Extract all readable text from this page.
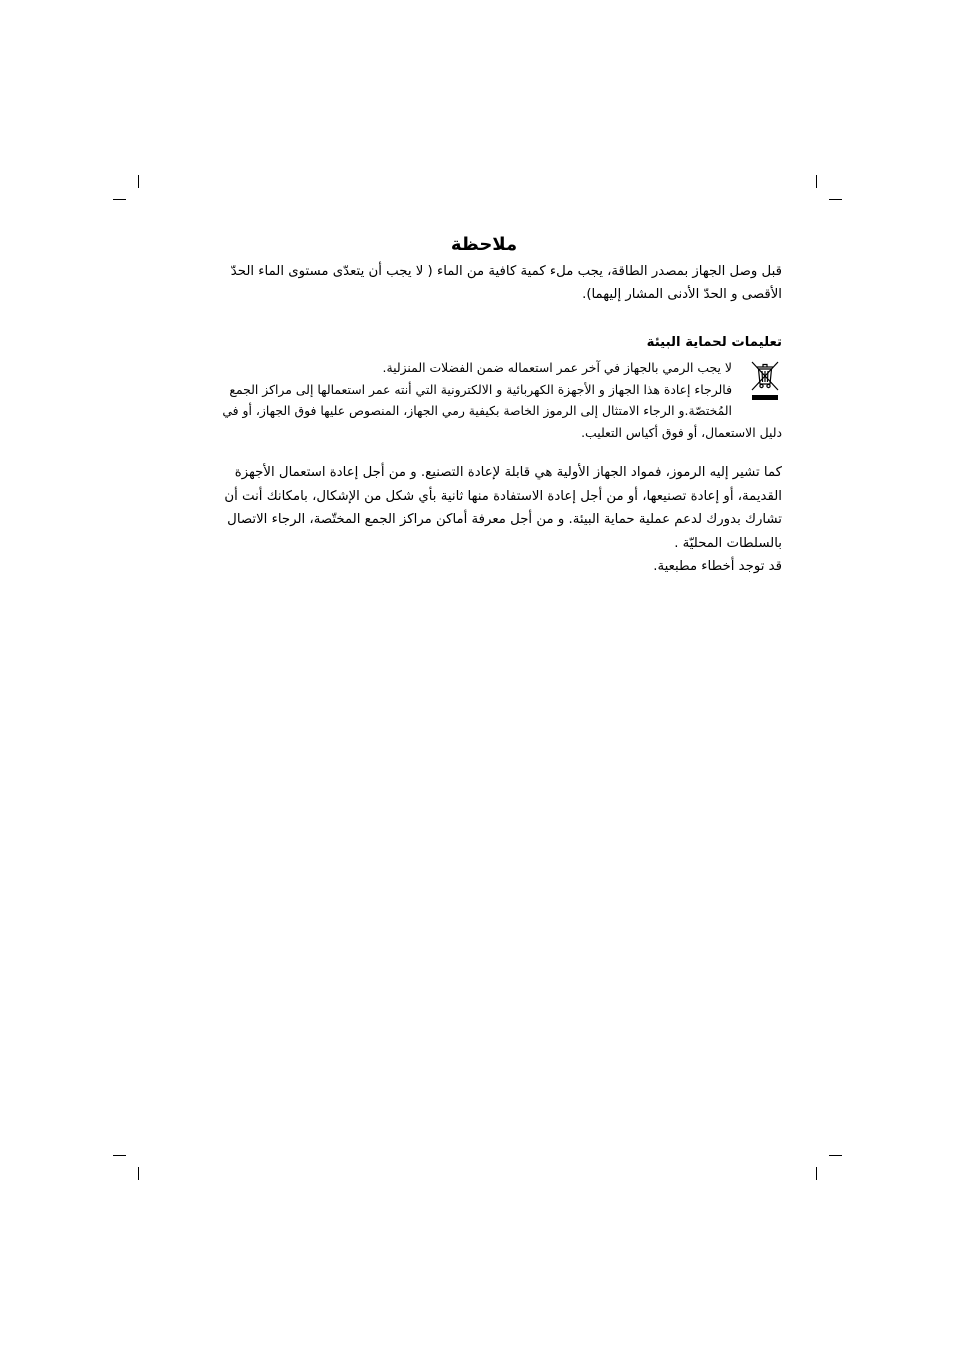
ملاحظة

قبل وصل الجهاز بمصدر الطاقة، يجب ملء كمية كافية من الماء ( لا يجب أن يتعدّى مستوى الماء الحدّ

الأقصى و الحدّ الأدنى المشار إليهما).

تعليمات لحماية البيئة

لا يجب الرمي بالجهاز في آخر عمر استعماله ضمن الفضلات المنزلية.

فالرجاء إعادة هذا الجهاز و الأجهزة الكهربائية و الالكترونية التي أنته عمر استعمالها إلى مراكز الجمع

المُختصّة.و الرجاء الامتثال إلى الرموز الخاصة بكيفية رمي الجهاز، المنصوص عليها فوق الجهاز، أو في

دليل الاستعمال، أو فوق أكياس التعليب.

كما تشير إليه الرموز، فمواد الجهاز الأولية هي قابلة لإعادة التصنيع. و من أجل إعادة استعمال الأجهزة

القديمة، أو إعادة تصنيعها، أو من أجل إعادة الاستفادة منها ثانية بأي شكل من الإشكال، بامكانك أنت أن

تشارك بدورك لدعم عملية حماية البيئة. و من أجل معرفة أماكن مراكز الجمع المختّصة، الرجاء الاتصال

بالسلطات المحليّة .

قد توجد أخطاء مطبعية.
